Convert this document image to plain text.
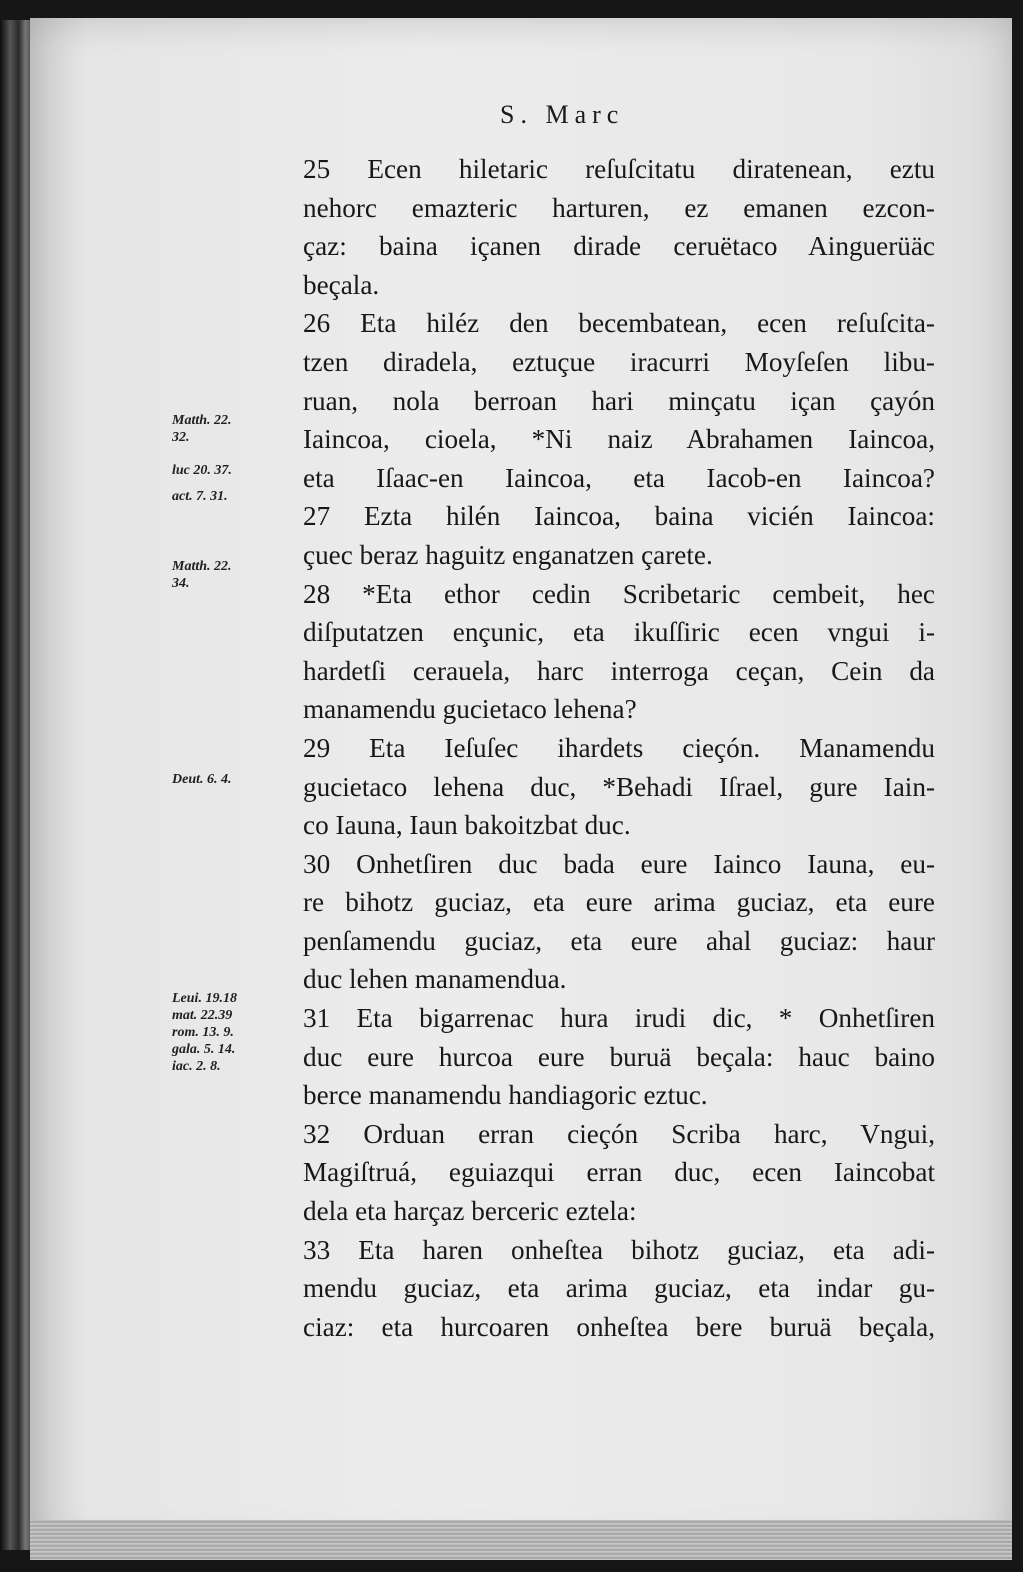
S. Marc
25 Ecen hiletaric reſuſcitatu diratenean, eztu
nehorc emazteric harturen, ez emanen ezcon-
çaz: baina içanen dirade ceruëtaco Ainguerüäc
beçala.
26 Eta hiléz den becembatean, ecen reſuſcita-
tzen diradela, eztuçue iracurri Moyſeſen libu-
ruan, nola berroan hari minçatu içan çayón
Iaincoa, cioela, *Ni naiz Abrahamen Iaincoa,
eta Iſaac-en Iaincoa, eta Iacob-en Iaincoa?
27 Ezta hilén Iaincoa, baina vicién Iaincoa:
çuec beraz haguitz enganatzen çarete.
28 *Eta ethor cedin Scribetaric cembeit, hec
diſputatzen ençunic, eta ikuſſiric ecen vngui i-
hardetſi cerauela, harc interroga ceçan, Cein da
manamendu gucietaco lehena?
29 Eta Ieſuſec ihardets cieçón. Manamendu
gucietaco lehena duc, *Behadi Iſrael, gure Iain-
co Iauna, Iaun bakoitzbat duc.
30 Onhetſiren duc bada eure Iainco Iauna, eu-
re bihotz guciaz, eta eure arima guciaz, eta eure
penſamendu guciaz, eta eure ahal guciaz: haur
duc lehen manamendua.
31 Eta bigarrenac hura irudi dic, * Onhetſiren
duc eure hurcoa eure buruä beçala: hauc baino
berce manamendu handiagoric eztuc.
32 Orduan erran cieçón Scriba harc, Vngui,
Magiſtruá, eguiazqui erran duc, ecen Iaincobat
dela eta harçaz berceric eztela:
33 Eta haren onheſtea bihotz guciaz, eta adi-
mendu guciaz, eta arima guciaz, eta indar gu-
ciaz: eta hurcoaren onheſtea bere buruä beçala,
Matth. 22.
32.
luc 20. 37.
act. 7. 31.
Matth. 22.
34.
Deut. 6. 4.
Leui. 19.18
mat. 22.39
rom. 13. 9.
gala. 5. 14.
iac. 2. 8.
